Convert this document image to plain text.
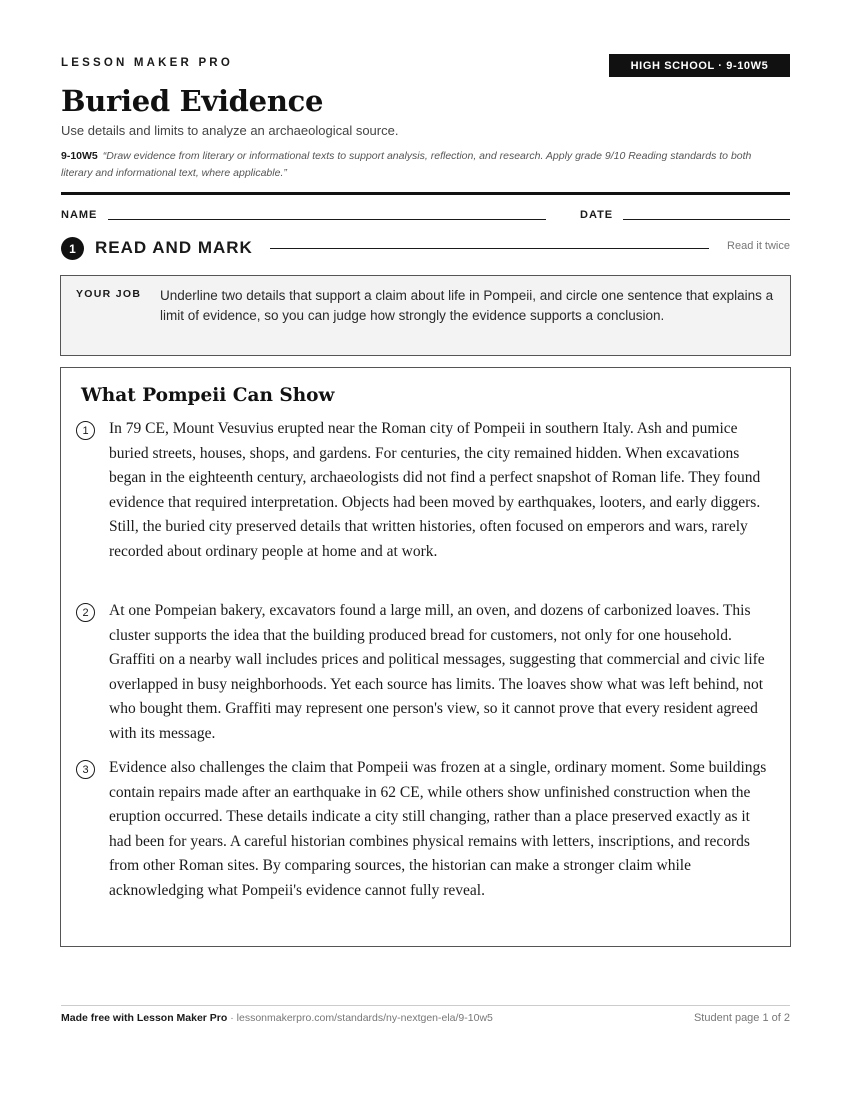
LESSON MAKER PRO	HIGH SCHOOL · 9-10W5
Buried Evidence
Use details and limits to analyze an archaeological source.
9-10W5 “Draw evidence from literary or informational texts to support analysis, reflection, and research. Apply grade 9/10 Reading standards to both literary and informational text, where applicable.”
NAME	DATE
1	READ AND MARK	Read it twice
YOUR JOB Underline two details that support a claim about life in Pompeii, and circle one sentence that explains a limit of evidence, so you can judge how strongly the evidence supports a conclusion.
What Pompeii Can Show
1	In 79 CE, Mount Vesuvius erupted near the Roman city of Pompeii in southern Italy. Ash and pumice buried streets, houses, shops, and gardens. For centuries, the city remained hidden. When excavations began in the eighteenth century, archaeologists did not find a perfect snapshot of Roman life. They found evidence that required interpretation. Objects had been moved by earthquakes, looters, and early diggers. Still, the buried city preserved details that written histories, often focused on emperors and wars, rarely recorded about ordinary people at home and at work.

2	At one Pompeian bakery, excavators found a large mill, an oven, and dozens of carbonized loaves. This cluster supports the idea that the building produced bread for customers, not only for one household. Graffiti on a nearby wall includes prices and political messages, suggesting that commercial and civic life overlapped in busy neighborhoods. Yet each source has limits. The loaves show what was left behind, not who bought them. Graffiti may represent one person's view, so it cannot prove that every resident agreed with its message.

3	Evidence also challenges the claim that Pompeii was frozen at a single, ordinary moment. Some buildings contain repairs made after an earthquake in 62 CE, while others show unfinished construction when the eruption occurred. These details indicate a city still changing, rather than a place preserved exactly as it had been for years. A careful historian combines physical remains with letters, inscriptions, and records from other Roman sites. By comparing sources, the historian can make a stronger claim while acknowledging what Pompeii's evidence cannot fully reveal.

Made free with Lesson Maker Pro · lessonmakerpro.com/standards/ny-nextgen-ela/9-10w5	Student page 1 of 2
